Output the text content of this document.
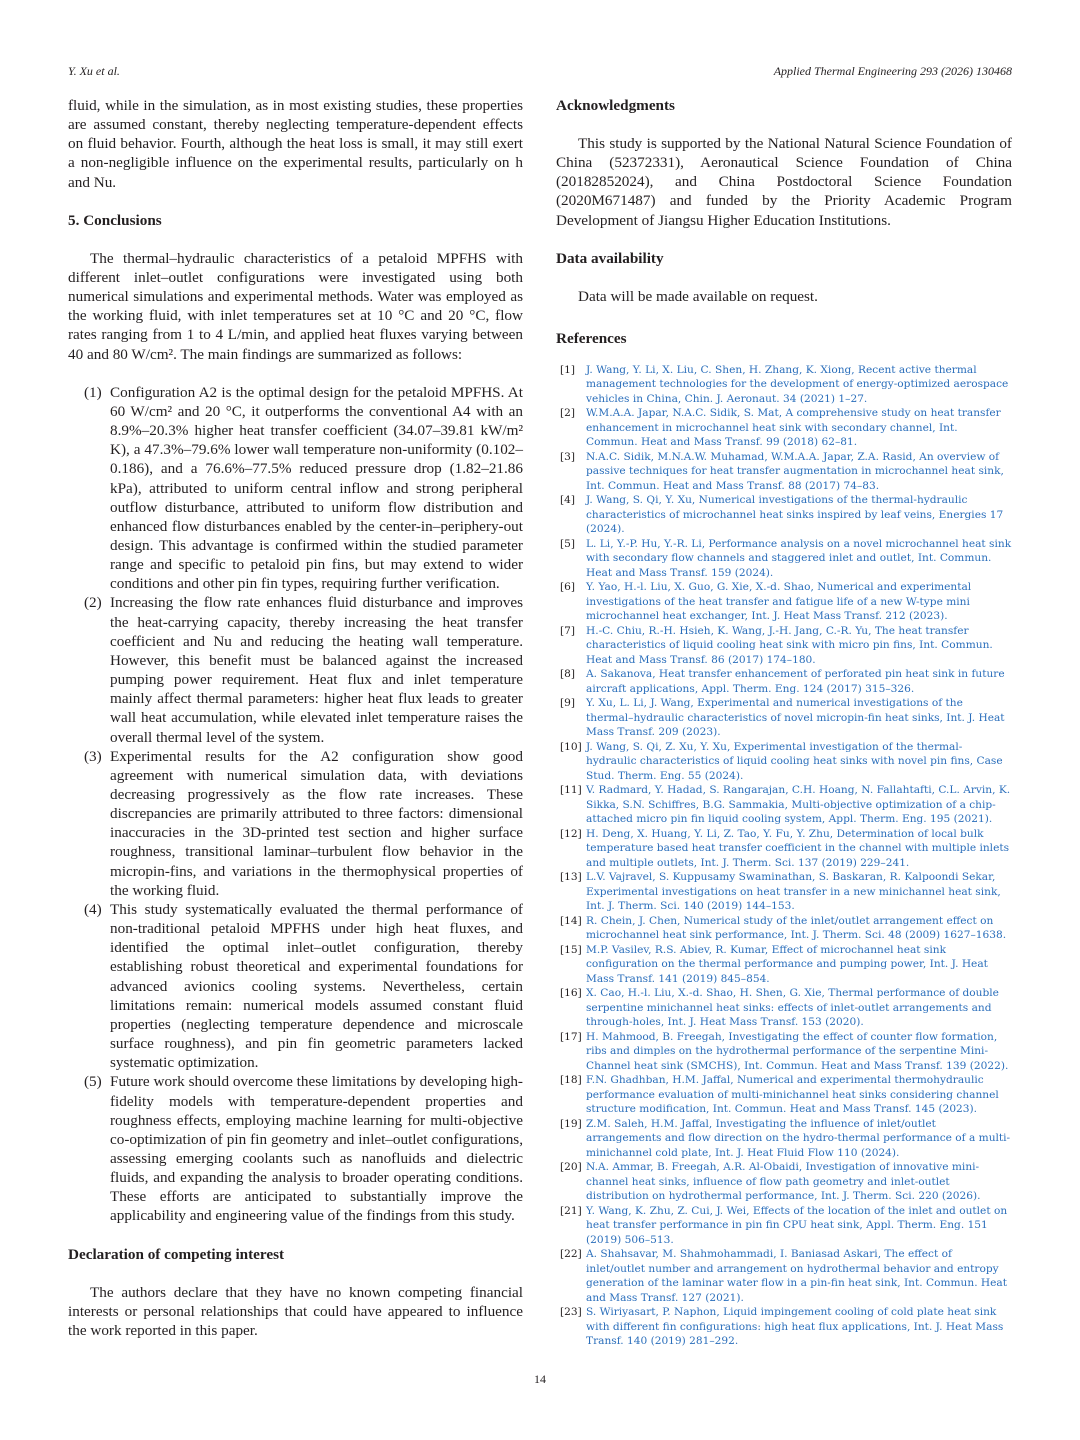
Y. Xu et al.	Applied Thermal Engineering 293 (2026) 130468

fluid, while in the simulation, as in most existing studies, these properties are assumed constant, thereby neglecting temperature-dependent effects on fluid behavior. Fourth, although the heat loss is small, it may still exert a non-negligible influence on the experimental results, particularly on h and Nu.

5. Conclusions

The thermal–hydraulic characteristics of a petaloid MPFHS with different inlet–outlet configurations were investigated using both numerical simulations and experimental methods. Water was employed as the working fluid, with inlet temperatures set at 10 °C and 20 °C, flow rates ranging from 1 to 4 L/min, and applied heat fluxes varying between 40 and 80 W/cm². The main findings are summarized as follows:

(1) Configuration A2 is the optimal design for the petaloid MPFHS. At 60 W/cm² and 20 °C, it outperforms the conventional A4 with an 8.9%–20.3% higher heat transfer coefficient (34.07–39.81 kW/m² K), a 47.3%–79.6% lower wall temperature non-uniformity (0.102–0.186), and a 76.6%–77.5% reduced pressure drop (1.82–21.86 kPa), attributed to uniform central inflow and strong peripheral outflow disturbance, attributed to uniform flow distribution and enhanced flow disturbances enabled by the center-in–periphery-out design. This advantage is confirmed within the studied parameter range and specific to petaloid pin fins, but may extend to wider conditions and other pin fin types, requiring further verification.
(2) Increasing the flow rate enhances fluid disturbance and improves the heat-carrying capacity, thereby increasing the heat transfer coefficient and Nu and reducing the heating wall temperature. However, this benefit must be balanced against the increased pumping power requirement. Heat flux and inlet temperature mainly affect thermal parameters: higher heat flux leads to greater wall heat accumulation, while elevated inlet temperature raises the overall thermal level of the system.
(3) Experimental results for the A2 configuration show good agreement with numerical simulation data, with deviations decreasing progressively as the flow rate increases. These discrepancies are primarily attributed to three factors: dimensional inaccuracies in the 3D-printed test section and higher surface roughness, transitional laminar–turbulent flow behavior in the micropin-fins, and variations in the thermophysical properties of the working fluid.
(4) This study systematically evaluated the thermal performance of non-traditional petaloid MPFHS under high heat fluxes, and identified the optimal inlet–outlet configuration, thereby establishing robust theoretical and experimental foundations for advanced avionics cooling systems. Nevertheless, certain limitations remain: numerical models assumed constant fluid properties (neglecting temperature dependence and microscale surface roughness), and pin fin geometric parameters lacked systematic optimization.
(5) Future work should overcome these limitations by developing high-fidelity models with temperature-dependent properties and roughness effects, employing machine learning for multi-objective co-optimization of pin fin geometry and inlet–outlet configurations, assessing emerging coolants such as nanofluids and dielectric fluids, and expanding the analysis to broader operating conditions. These efforts are anticipated to substantially improve the applicability and engineering value of the findings from this study.
Declaration of competing interest

The authors declare that they have no known competing financial interests or personal relationships that could have appeared to influence the work reported in this paper.

Acknowledgments

This study is supported by the National Natural Science Foundation of China (52372331), Aeronautical Science Foundation of China (20182852024), and China Postdoctoral Science Foundation (2020M671487) and funded by the Priority Academic Program Development of Jiangsu Higher Education Institutions.

Data availability

Data will be made available on request.

References
[1] J. Wang, Y. Li, X. Liu, C. Shen, H. Zhang, K. Xiong, Recent active thermal management technologies for the development of energy-optimized aerospace vehicles in China, Chin. J. Aeronaut. 34 (2021) 1–27.
[2] W.M.A.A. Japar, N.A.C. Sidik, S. Mat, A comprehensive study on heat transfer enhancement in microchannel heat sink with secondary channel, Int. Commun. Heat and Mass Transf. 99 (2018) 62–81.
[3] N.A.C. Sidik, M.N.A.W. Muhamad, W.M.A.A. Japar, Z.A. Rasid, An overview of passive techniques for heat transfer augmentation in microchannel heat sink, Int. Commun. Heat and Mass Transf. 88 (2017) 74–83.
[4] J. Wang, S. Qi, Y. Xu, Numerical investigations of the thermal-hydraulic characteristics of microchannel heat sinks inspired by leaf veins, Energies 17 (2024).
[5] L. Li, Y.-P. Hu, Y.-R. Li, Performance analysis on a novel microchannel heat sink with secondary flow channels and staggered inlet and outlet, Int. Commun. Heat and Mass Transf. 159 (2024).
[6] Y. Yao, H.-l. Liu, X. Guo, G. Xie, X.-d. Shao, Numerical and experimental investigations of the heat transfer and fatigue life of a new W-type mini microchannel heat exchanger, Int. J. Heat Mass Transf. 212 (2023).
[7] H.-C. Chiu, R.-H. Hsieh, K. Wang, J.-H. Jang, C.-R. Yu, The heat transfer characteristics of liquid cooling heat sink with micro pin fins, Int. Commun. Heat and Mass Transf. 86 (2017) 174–180.
[8] A. Sakanova, Heat transfer enhancement of perforated pin heat sink in future aircraft applications, Appl. Therm. Eng. 124 (2017) 315–326.
[9] Y. Xu, L. Li, J. Wang, Experimental and numerical investigations of the thermal–hydraulic characteristics of novel micropin-fin heat sinks, Int. J. Heat Mass Transf. 209 (2023).
[10] J. Wang, S. Qi, Z. Xu, Y. Xu, Experimental investigation of the thermal-hydraulic characteristics of liquid cooling heat sinks with novel pin fins, Case Stud. Therm. Eng. 55 (2024).
[11] V. Radmard, Y. Hadad, S. Rangarajan, C.H. Hoang, N. Fallahtafti, C.L. Arvin, K. Sikka, S.N. Schiffres, B.G. Sammakia, Multi-objective optimization of a chip-attached micro pin fin liquid cooling system, Appl. Therm. Eng. 195 (2021).
[12] H. Deng, X. Huang, Y. Li, Z. Tao, Y. Fu, Y. Zhu, Determination of local bulk temperature based heat transfer coefficient in the channel with multiple inlets and multiple outlets, Int. J. Therm. Sci. 137 (2019) 229–241.
[13] L.V. Vajravel, S. Kuppusamy Swaminathan, S. Baskaran, R. Kalpoondi Sekar, Experimental investigations on heat transfer in a new minichannel heat sink, Int. J. Therm. Sci. 140 (2019) 144–153.
[14] R. Chein, J. Chen, Numerical study of the inlet/outlet arrangement effect on microchannel heat sink performance, Int. J. Therm. Sci. 48 (2009) 1627–1638.
[15] M.P. Vasilev, R.S. Abiev, R. Kumar, Effect of microchannel heat sink configuration on the thermal performance and pumping power, Int. J. Heat Mass Transf. 141 (2019) 845–854.
[16] X. Cao, H.-l. Liu, X.-d. Shao, H. Shen, G. Xie, Thermal performance of double serpentine minichannel heat sinks: effects of inlet-outlet arrangements and through-holes, Int. J. Heat Mass Transf. 153 (2020).
[17] H. Mahmood, B. Freegah, Investigating the effect of counter flow formation, ribs and dimples on the hydrothermal performance of the serpentine Mini-Channel heat sink (SMCHS), Int. Commun. Heat and Mass Transf. 139 (2022).
[18] F.N. Ghadhban, H.M. Jaffal, Numerical and experimental thermohydraulic performance evaluation of multi-minichannel heat sinks considering channel structure modification, Int. Commun. Heat and Mass Transf. 145 (2023).
[19] Z.M. Saleh, H.M. Jaffal, Investigating the influence of inlet/outlet arrangements and flow direction on the hydro-thermal performance of a multi-minichannel cold plate, Int. J. Heat Fluid Flow 110 (2024).
[20] N.A. Ammar, B. Freegah, A.R. Al-Obaidi, Investigation of innovative mini-channel heat sinks, influence of flow path geometry and inlet-outlet distribution on hydrothermal performance, Int. J. Therm. Sci. 220 (2026).
[21] Y. Wang, K. Zhu, Z. Cui, J. Wei, Effects of the location of the inlet and outlet on heat transfer performance in pin fin CPU heat sink, Appl. Therm. Eng. 151 (2019) 506–513.
[22] A. Shahsavar, M. Shahmohammadi, I. Baniasad Askari, The effect of inlet/outlet number and arrangement on hydrothermal behavior and entropy generation of the laminar water flow in a pin-fin heat sink, Int. Commun. Heat and Mass Transf. 127 (2021).
[23] S. Wiriyasart, P. Naphon, Liquid impingement cooling of cold plate heat sink with different fin configurations: high heat flux applications, Int. J. Heat Mass Transf. 140 (2019) 281–292.
14
